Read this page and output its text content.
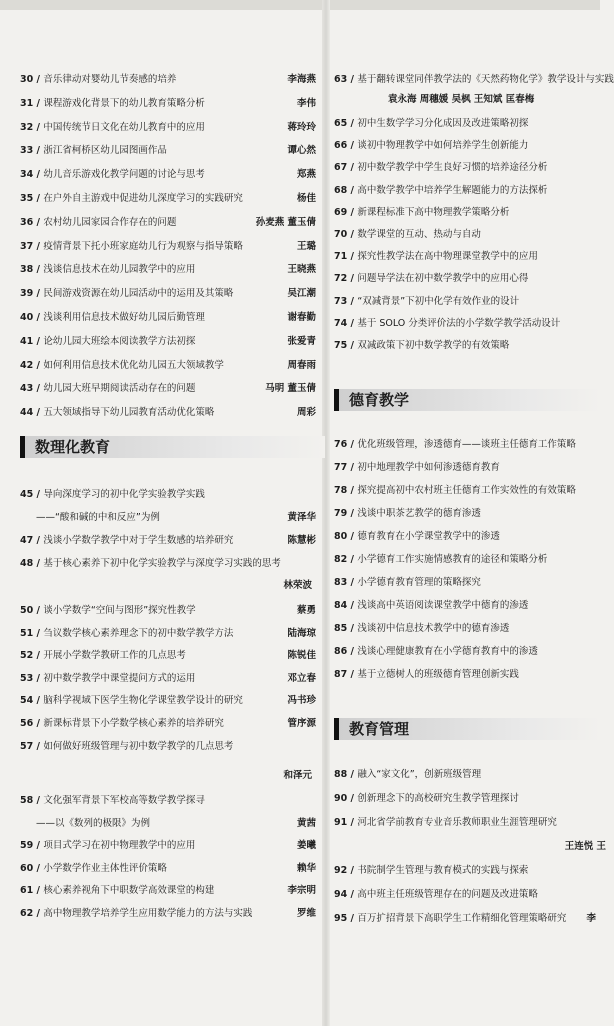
30 / 音乐律动对婴幼儿节奏感的培养	李海燕
31 / 课程游戏化背景下的幼儿教育策略分析	李伟
32 / 中国传统节日文化在幼儿教育中的应用	蒋玲玲
33 / 浙江省柯桥区幼儿园图画作品	谭心然
34 / 幼儿音乐游戏化教学问题的讨论与思考	郑燕
35 / 在户外自主游戏中促进幼儿深度学习的实践研究	杨佳
36 / 农村幼儿园家园合作存在的问题	孙麦燕 董玉倩
37 / 疫情背景下托小班家庭幼儿行为观察与指导策略	王璐
38 / 浅谈信息技术在幼儿园教学中的应用	王晓燕
39 / 民间游戏资源在幼儿园活动中的运用及其策略	吴江潮
40 / 浅谈利用信息技术做好幼儿园后勤管理	谢春勤
41 / 论幼儿园大班绘本阅读教学方法初探	张爱青
42 / 如何利用信息技术优化幼儿园五大领域教学	周春雨
43 / 幼儿园大班早期阅读活动存在的问题	马明 董玉倩
44 / 五大领域指导下幼儿园教育活动优化策略	周彩
数理化教育
45 / 导向深度学习的初中化学实验教学实践
——“酸和碱的中和反应”为例	黄泽华
47 / 浅谈小学数学教学中对于学生数感的培养研究	陈慧彬
48 / 基于核心素养下初中化学实验教学与深度学习实践的思考
林荣波
50 / 谈小学数学“空间与图形”探究性教学	蔡勇
51 / 刍议数学核心素养理念下的初中数学教学方法	陆海琼
52 / 开展小学数学教研工作的几点思考	陈锐佳
53 / 初中数学教学中课堂提问方式的运用	邓立春
54 / 脑科学视域下医学生物化学课堂教学设计的研究	冯书珍
56 / 新课标背景下小学数学核心素养的培养研究	管序源
57 / 如何做好班级管理与初中数学教学的几点思考
和泽元
58 / 文化强军背景下军校高等数学教学探寻
——以《数列的极限》为例	黄茜
59 / 项目式学习在初中物理教学中的应用	姜曦
60 / 小学数学作业主体性评价策略	赖华
61 / 核心素养视角下中职数学高效课堂的构建	李宗明
62 / 高中物理教学培养学生应用数学能力的方法与实践	罗维
63 / 基于翻转课堂同伴教学法的《天然药物化学》教学设计与实践
袁永海 周穗媛 吴枫 王知斌 匡春梅
65 / 初中生数学学习分化成因及改进策略初探
66 / 谈初中物理教学中如何培养学生创新能力
67 / 初中数学教学中学生良好习惯的培养途径分析
68 / 高中数学教学中培养学生解题能力的方法探析
69 / 新课程标准下高中物理教学策略分析
70 / 数学课堂的互动、热动与自动
71 / 探究性教学法在高中物理课堂教学中的应用
72 / 问题导学法在初中数学教学中的应用心得
73 / “双减背景”下初中化学有效作业的设计
74 / 基于 SOLO 分类评价法的小学数学教学活动设计
75 / 双减政策下初中数学教学的有效策略
德育教学
76 / 优化班级管理，渗透德育——谈班主任德育工作策略
77 / 初中地理教学中如何渗透德育教育
78 / 探究提高初中农村班主任德育工作实效性的有效策略
79 / 浅谈中职茶艺教学的德育渗透
80 / 德育教育在小学课堂教学中的渗透
82 / 小学德育工作实施情感教育的途径和策略分析
83 / 小学德育教育管理的策略探究
84 / 浅谈高中英语阅读课堂教学中德育的渗透
85 / 浅谈初中信息技术教学中的德育渗透
86 / 浅谈心理健康教育在小学德育教育中的渗透
87 / 基于立德树人的班级德育管理创新实践
教育管理
88 / 融入“家文化”，创新班级管理
90 / 创新理念下的高校研究生教学管理探讨
91 / 河北省学前教育专业音乐教师职业生涯管理研究
王连悦 王
92 / 书院制学生管理与教育模式的实践与探索
94 / 高中班主任班级管理存在的问题及改进策略
95 / 百万扩招背景下高职学生工作精细化管理策略研究 李
